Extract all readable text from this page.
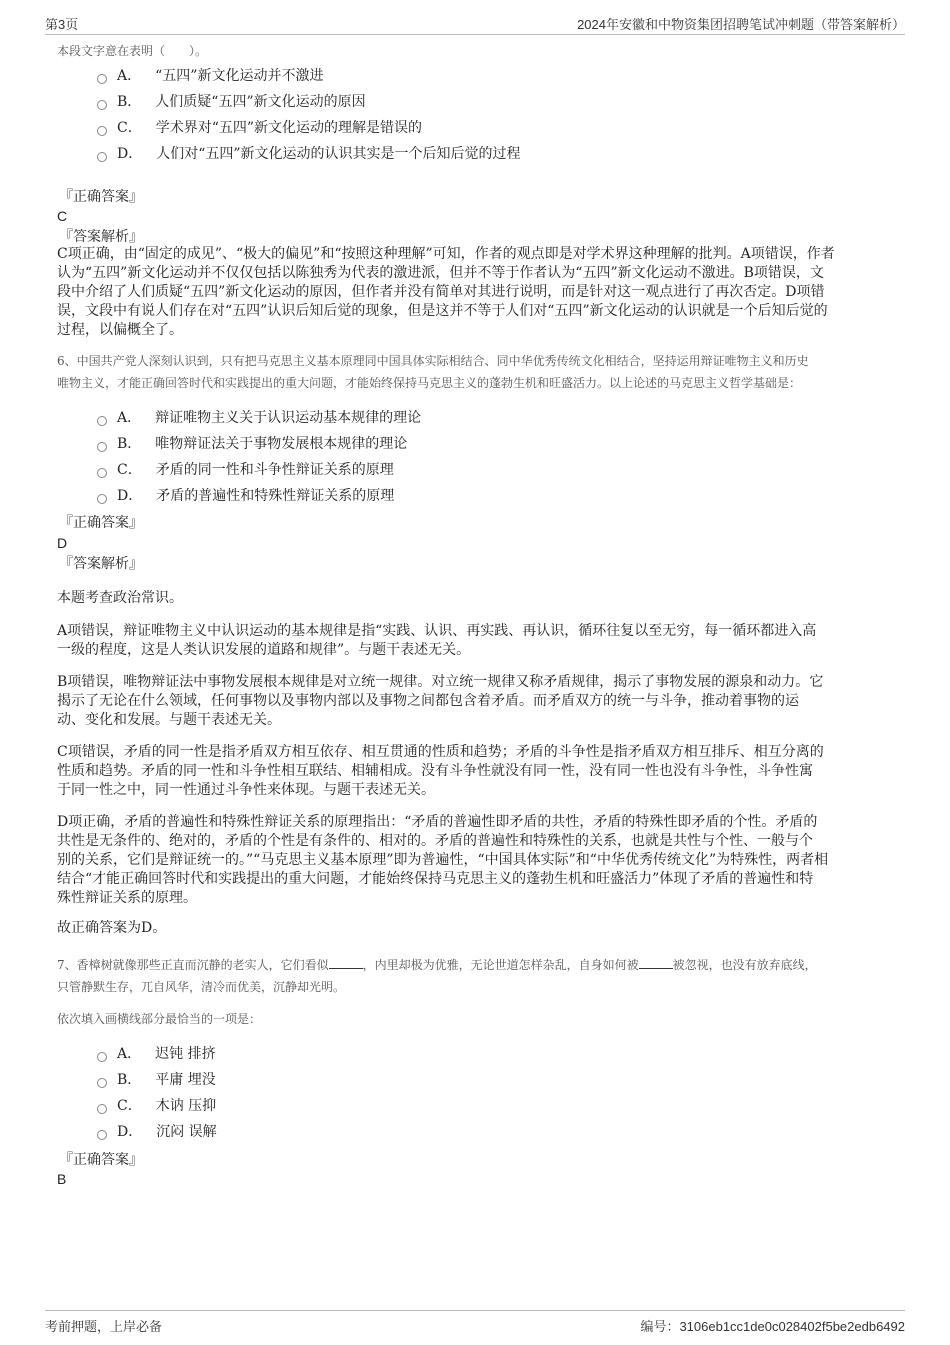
第3页	2024年安徽和中物资集团招聘笔试冲刺题（带答案解析）
本段文字意在表明（　　）。
A． “五四”新文化运动并不激进
B． 人们质疑“五四”新文化运动的原因
C． 学术界对“五四”新文化运动的理解是错误的
D． 人们对“五四”新文化运动的认识其实是一个后知后觉的过程
『正确答案』
C
『答案解析』

C项正确，由“固定的成见”、“极大的偏见”和“按照这种理解”可知，作者的观点即是对学术界这种理解的批判。A项错误，作者

认为“五四”新文化运动并不仅仅包括以陈独秀为代表的激进派，但并不等于作者认为“五四”新文化运动不激进。B项错误，文

段中介绍了人们质疑“五四”新文化运动的原因，但作者并没有简单对其进行说明，而是针对这一观点进行了再次否定。D项错

误，文段中有说人们存在对“五四”认识后知后觉的现象，但是这并不等于人们对“五四”新文化运动的认识就是一个后知后觉的

过程，以偏概全了。

6、中国共产党人深刻认识到，只有把马克思主义基本原理同中国具体实际相结合、同中华优秀传统文化相结合，坚持运用辩证唯物主义和历史
唯物主义，才能正确回答时代和实践提出的重大问题，才能始终保持马克思主义的蓬勃生机和旺盛活力。以上论述的马克思主义哲学基础是：
A． 辩证唯物主义关于认识运动基本规律的理论
B． 唯物辩证法关于事物发展根本规律的理论
C． 矛盾的同一性和斗争性辩证关系的原理
D． 矛盾的普遍性和特殊性辩证关系的原理
『正确答案』
D
『答案解析』
本题考查政治常识。

A项错误，辩证唯物主义中认识运动的基本规律是指“实践、认识、再实践、再认识，循环往复以至无穷，每一循环都进入高

一级的程度，这是人类认识发展的道路和规律”。与题干表述无关。

B项错误，唯物辩证法中事物发展根本规律是对立统一规律。对立统一规律又称矛盾规律，揭示了事物发展的源泉和动力。它

揭示了无论在什么领域，任何事物以及事物内部以及事物之间都包含着矛盾。而矛盾双方的统一与斗争，推动着事物的运

动、变化和发展。与题干表述无关。

C项错误，矛盾的同一性是指矛盾双方相互依存、相互贯通的性质和趋势；矛盾的斗争性是指矛盾双方相互排斥、相互分离的

性质和趋势。矛盾的同一性和斗争性相互联结、相辅相成。没有斗争性就没有同一性，没有同一性也没有斗争性，斗争性寓

于同一性之中，同一性通过斗争性来体现。与题干表述无关。

D项正确，矛盾的普遍性和特殊性辩证关系的原理指出：“矛盾的普遍性即矛盾的共性，矛盾的特殊性即矛盾的个性。矛盾的

共性是无条件的、绝对的，矛盾的个性是有条件的、相对的。矛盾的普遍性和特殊性的关系，也就是共性与个性、一般与个

别的关系，它们是辩证统一的。”“马克思主义基本原理”即为普遍性，“中国具体实际”和“中华优秀传统文化”为特殊性，两者相

结合“才能正确回答时代和实践提出的重大问题，才能始终保持马克思主义的蓬勃生机和旺盛活力”体现了矛盾的普遍性和特

殊性辩证关系的原理。

故正确答案为D。
7、香樟树就像那些正直而沉静的老实人，它们看似	，内里却极为优雅，无论世道怎样杂乱，自身如何被	被忽视，也没有放弃底线，
只管静默生存，兀自风华，清冷而优美，沉静却光明。
依次填入画横线部分最恰当的一项是：
A． 迟钝 排挤
B． 平庸 埋没
C． 木讷 压抑
D． 沉闷 误解
『正确答案』
B
考前押题，上岸必备	编号：3106eb1cc1de0c028402f5be2edb6492
